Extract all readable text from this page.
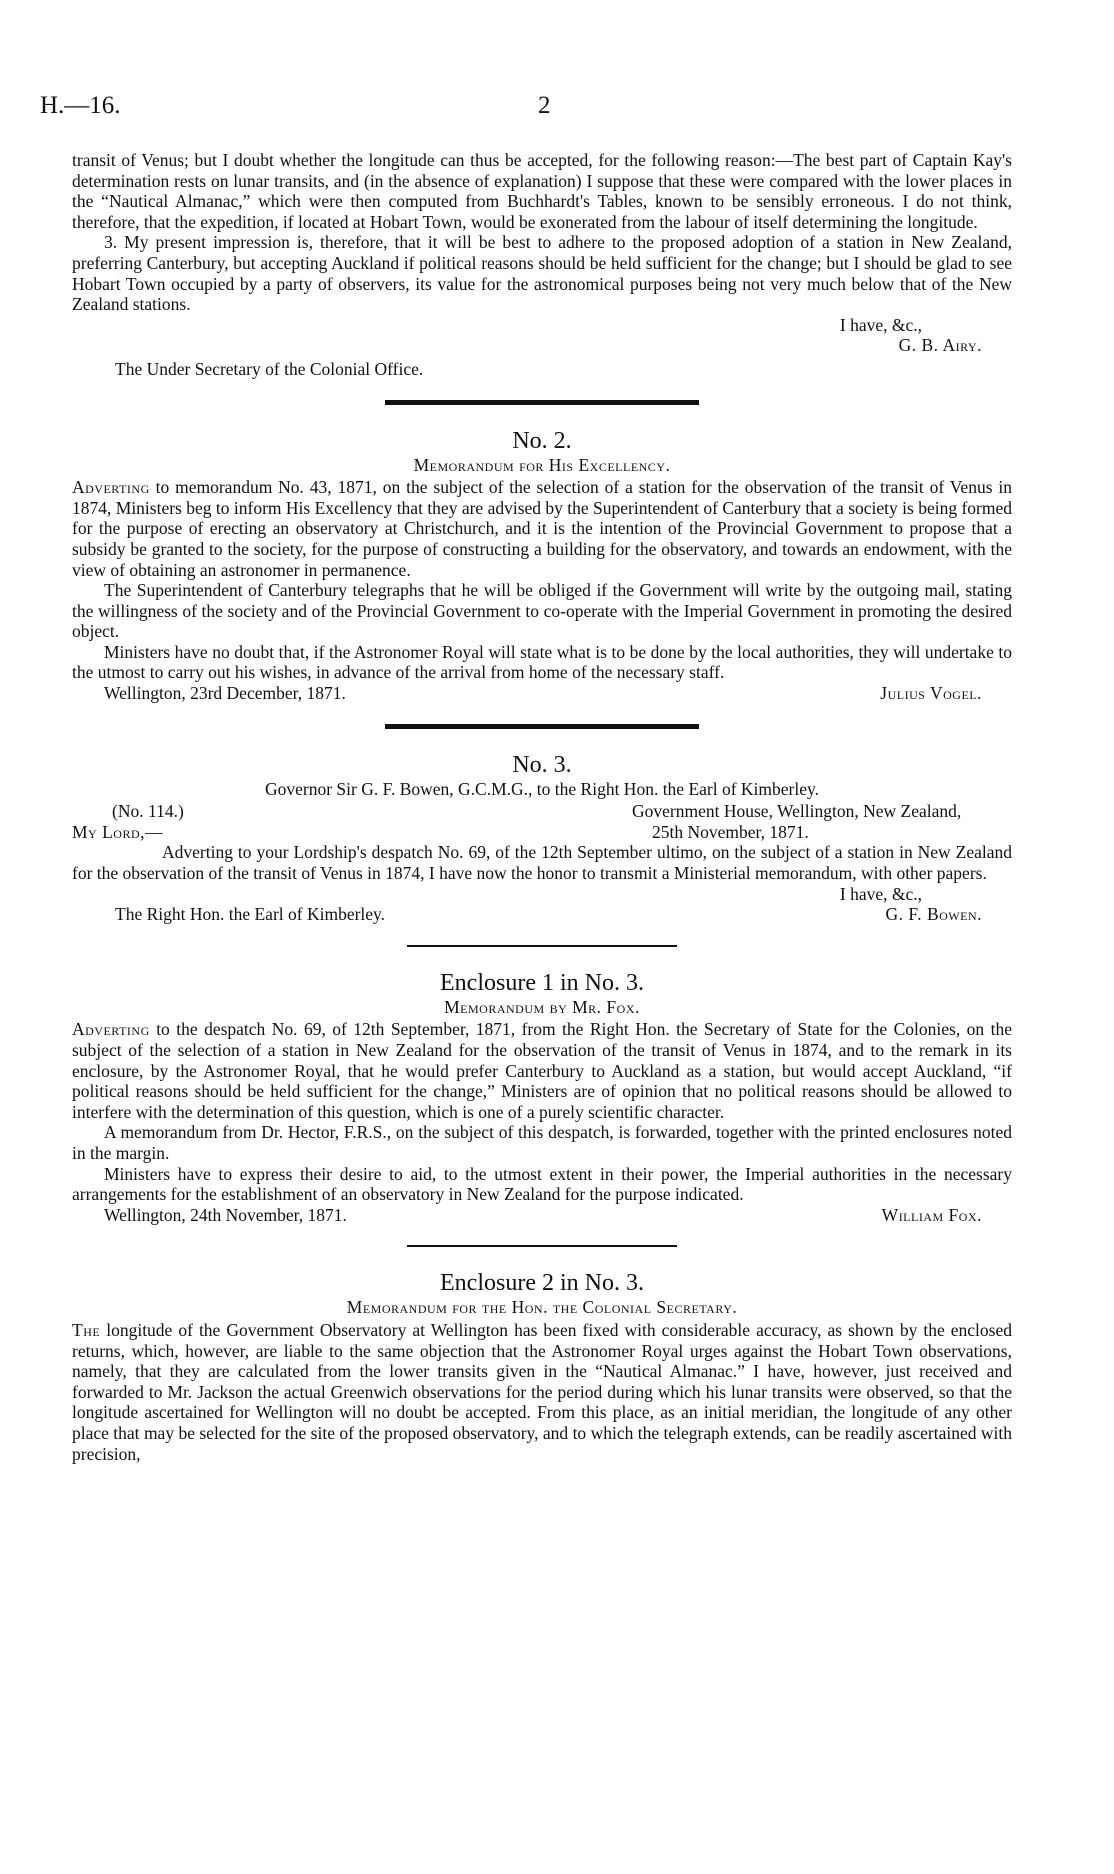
H.—16.	2

transit of Venus; but I doubt whether the longitude can thus be accepted, for the following reason:—The best part of Captain Kay's determination rests on lunar transits, and (in the absence of explanation) I suppose that these were compared with the lower places in the “Nautical Almanac,” which were then computed from Buchhardt's Tables, known to be sensibly erroneous. I do not think, therefore, that the expedition, if located at Hobart Town, would be exonerated from the labour of itself determining the longitude.

3. My present impression is, therefore, that it will be best to adhere to the proposed adoption of a station in New Zealand, preferring Canterbury, but accepting Auckland if political reasons should be held sufficient for the change; but I should be glad to see Hobart Town occupied by a party of observers, its value for the astronomical purposes being not very much below that of the New Zealand stations.

I have, &c.,
G. B. Airy.

The Under Secretary of the Colonial Office.

No. 2.
Memorandum for His Excellency.

Adverting to memorandum No. 43, 1871, on the subject of the selection of a station for the observation of the transit of Venus in 1874, Ministers beg to inform His Excellency that they are advised by the Superintendent of Canterbury that a society is being formed for the purpose of erecting an observatory at Christchurch, and it is the intention of the Provincial Government to propose that a subsidy be granted to the society, for the purpose of constructing a building for the observatory, and towards an endowment, with the view of obtaining an astronomer in permanence.

The Superintendent of Canterbury telegraphs that he will be obliged if the Government will write by the outgoing mail, stating the willingness of the society and of the Provincial Government to co-operate with the Imperial Government in promoting the desired object.

Ministers have no doubt that, if the Astronomer Royal will state what is to be done by the local authorities, they will undertake to the utmost to carry out his wishes, in advance of the arrival from home of the necessary staff.

Wellington, 23rd December, 1871.	Julius Vogel.
No. 3.
Governor Sir G. F. Bowen, G.C.M.G., to the Right Hon. the Earl of Kimberley.
(No. 114.)	Government House, Wellington, New Zealand,
My Lord,—	25th November, 1871.

Adverting to your Lordship's despatch No. 69, of the 12th September ultimo, on the subject of a station in New Zealand for the observation of the transit of Venus in 1874, I have now the honor to transmit a Ministerial memorandum, with other papers.

I have, &c.,
The Right Hon. the Earl of Kimberley.	G. F. Bowen.
Enclosure 1 in No. 3.
Memorandum by Mr. Fox.

Adverting to the despatch No. 69, of 12th September, 1871, from the Right Hon. the Secretary of State for the Colonies, on the subject of the selection of a station in New Zealand for the observation of the transit of Venus in 1874, and to the remark in its enclosure, by the Astronomer Royal, that he would prefer Canterbury to Auckland as a station, but would accept Auckland, “if political reasons should be held sufficient for the change,” Ministers are of opinion that no political reasons should be allowed to interfere with the determination of this question, which is one of a purely scientific character.

A memorandum from Dr. Hector, F.R.S., on the subject of this despatch, is forwarded, together with the printed enclosures noted in the margin.

Ministers have to express their desire to aid, to the utmost extent in their power, the Imperial authorities in the necessary arrangements for the establishment of an observatory in New Zealand for the purpose indicated.

Wellington, 24th November, 1871.	William Fox.
Enclosure 2 in No. 3.
Memorandum for the Hon. the Colonial Secretary.

The longitude of the Government Observatory at Wellington has been fixed with considerable accuracy, as shown by the enclosed returns, which, however, are liable to the same objection that the Astronomer Royal urges against the Hobart Town observations, namely, that they are calculated from the lower transits given in the “Nautical Almanac.” I have, however, just received and forwarded to Mr. Jackson the actual Greenwich observations for the period during which his lunar transits were observed, so that the longitude ascertained for Wellington will no doubt be accepted. From this place, as an initial meridian, the longitude of any other place that may be selected for the site of the proposed observatory, and to which the telegraph extends, can be readily ascertained with precision,
